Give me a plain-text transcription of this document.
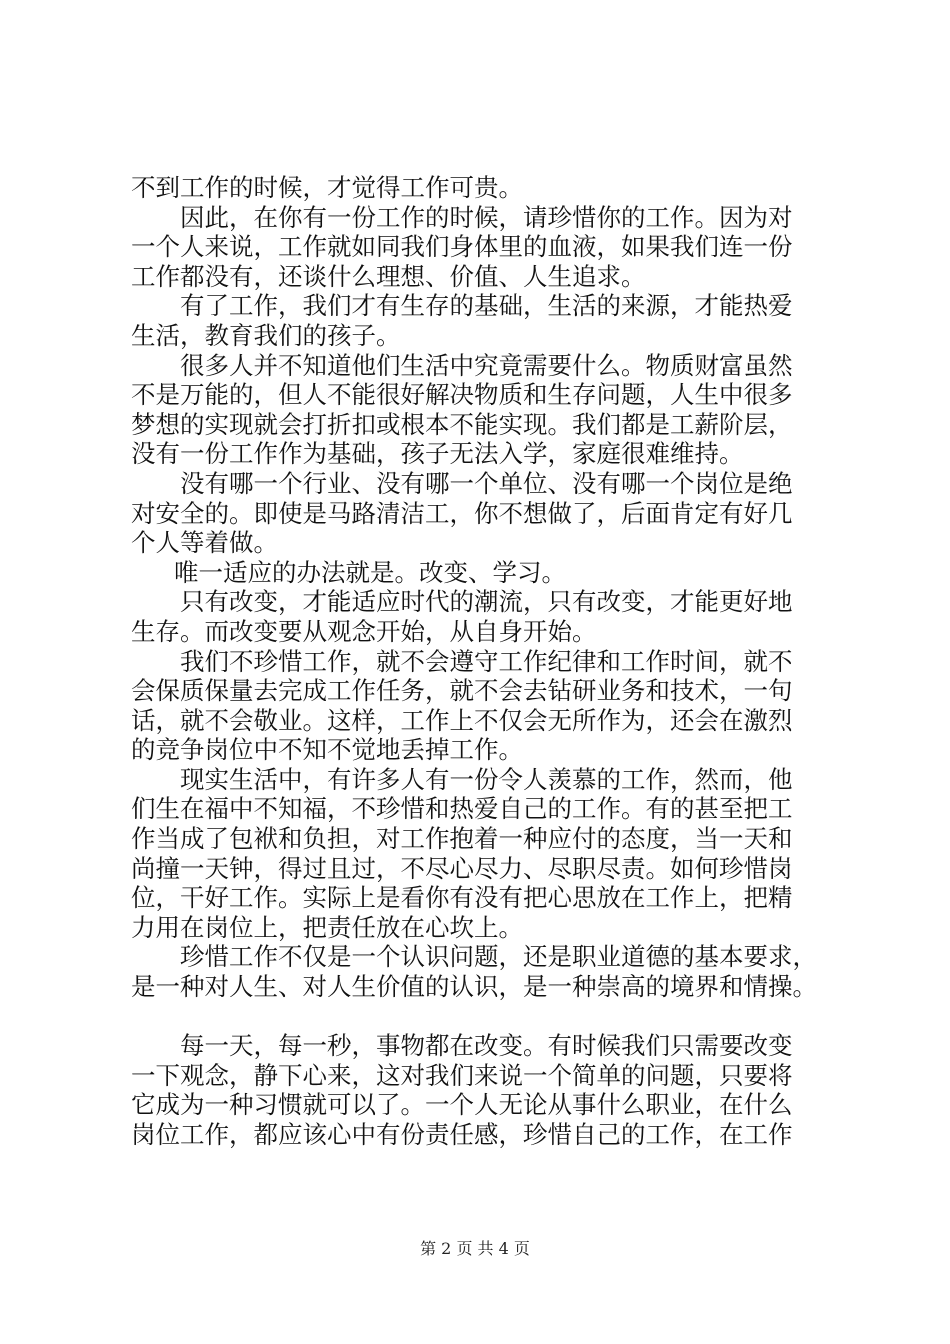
不到工作的时候，才觉得工作可贵。
因此，在你有一份工作的时候，请珍惜你的工作。因为对
一个人来说，工作就如同我们身体里的血液，如果我们连一份
工作都没有，还谈什么理想、价值、人生追求。
有了工作，我们才有生存的基础，生活的来源，才能热爱
生活，教育我们的孩子。
很多人并不知道他们生活中究竟需要什么。物质财富虽然
不是万能的，但人不能很好解决物质和生存问题，人生中很多
梦想的实现就会打折扣或根本不能实现。我们都是工薪阶层，
没有一份工作作为基础，孩子无法入学，家庭很难维持。
没有哪一个行业、没有哪一个单位、没有哪一个岗位是绝
对安全的。即使是马路清洁工，你不想做了，后面肯定有好几
个人等着做。
唯一适应的办法就是。改变、学习。
只有改变，才能适应时代的潮流，只有改变，才能更好地
生存。而改变要从观念开始，从自身开始。
我们不珍惜工作，就不会遵守工作纪律和工作时间，就不
会保质保量去完成工作任务，就不会去钻研业务和技术，一句
话，就不会敬业。这样，工作上不仅会无所作为，还会在激烈
的竞争岗位中不知不觉地丢掉工作。
现实生活中，有许多人有一份令人羡慕的工作，然而，他
们生在福中不知福，不珍惜和热爱自己的工作。有的甚至把工
作当成了包袱和负担，对工作抱着一种应付的态度，当一天和
尚撞一天钟，得过且过，不尽心尽力、尽职尽责。如何珍惜岗
位，干好工作。实际上是看你有没有把心思放在工作上，把精
力用在岗位上，把责任放在心坎上。
珍惜工作不仅是一个认识问题，还是职业道德的基本要求，
是一种对人生、对人生价值的认识，是一种崇高的境界和情操。
每一天，每一秒，事物都在改变。有时候我们只需要改变
一下观念，静下心来，这对我们来说一个简单的问题，只要将
它成为一种习惯就可以了。一个人无论从事什么职业，在什么
岗位工作，都应该心中有份责任感，珍惜自己的工作，在工作
第 2 页 共 4 页
